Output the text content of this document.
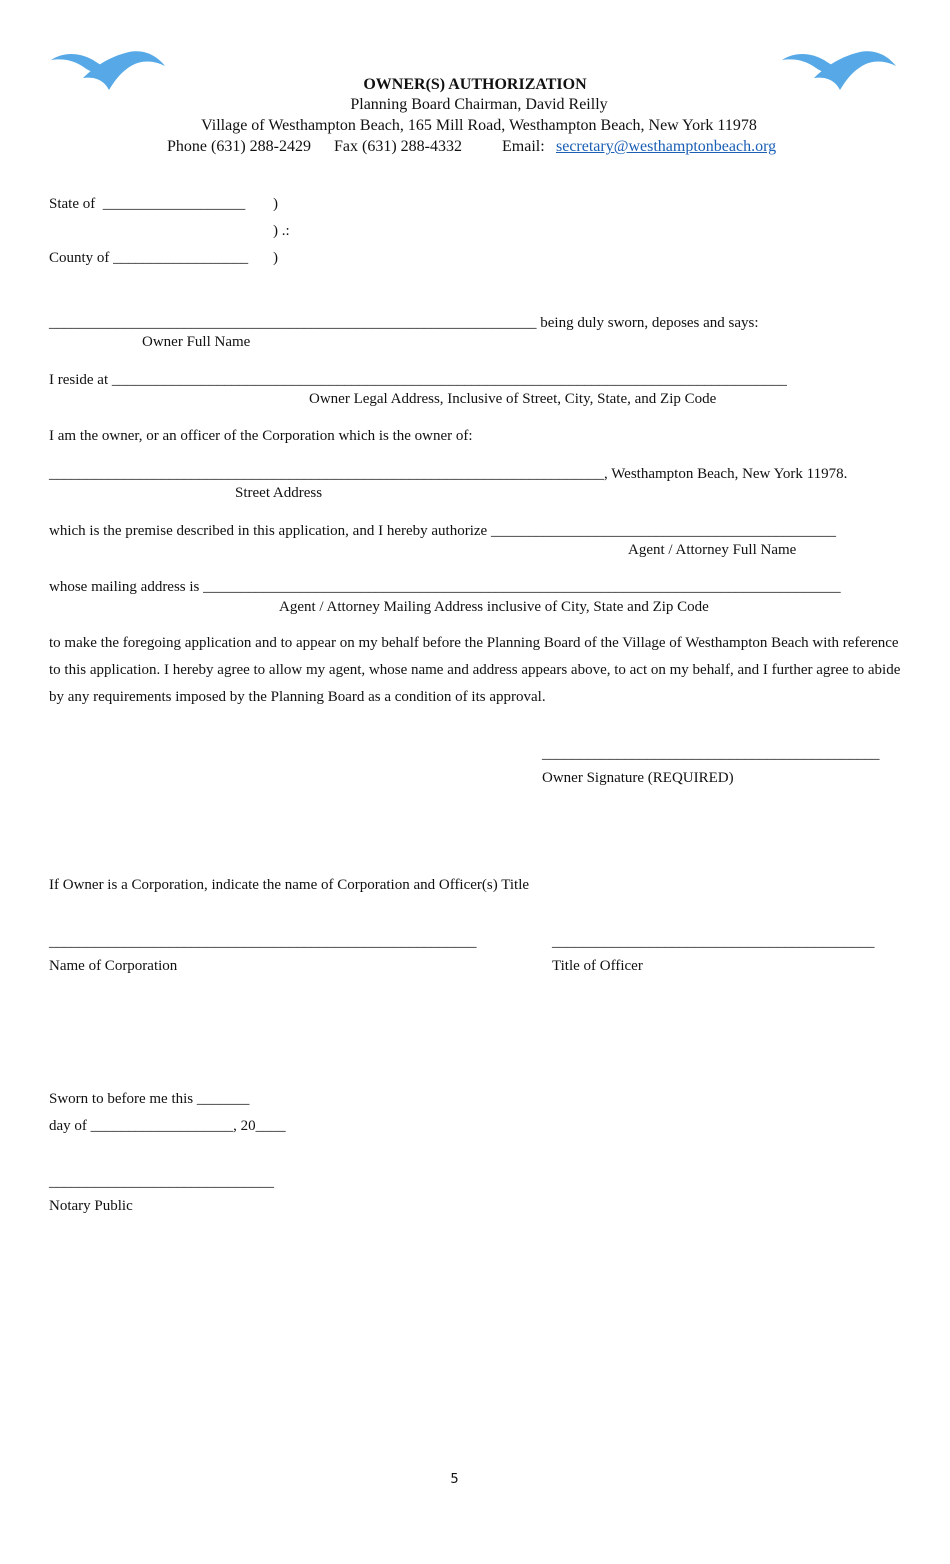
OWNER(S) AUTHORIZATION
Planning Board Chairman, David Reilly
Village of Westhampton Beach, 165 Mill Road, Westhampton Beach, New York 11978
Phone (631) 288-2429 Fax (631) 288-4332	Email: secretary@westhamptonbeach.org
State of  ___________________ )
) .:
County of __________________ )
_________________________________________________________________ being duly sworn, deposes and says:
Owner Full Name
I reside at __________________________________________________________________________________________
Owner Legal Address, Inclusive of Street, City, State, and Zip Code
I am the owner, or an officer of the Corporation which is the owner of:
__________________________________________________________________________, Westhampton Beach, New York 11978.
Street Address
which is the premise described in this application, and I hereby authorize ______________________________________________
Agent / Attorney Full Name
whose mailing address is _____________________________________________________________________________________
Agent / Attorney Mailing Address inclusive of City, State and Zip Code
to make the foregoing application and to appear on my behalf before the Planning Board of the Village of Westhampton Beach with reference to this application. I hereby agree to allow my agent, whose name and address appears above, to act on my behalf, and I further agree to abide by any requirements imposed by the Planning Board as a condition of its approval.
_____________________________________________
Owner Signature (REQUIRED)
If Owner is a Corporation, indicate the name of Corporation and Officer(s) Title
_________________________________________________________
Name of Corporation
___________________________________________
Title of Officer
Sworn to before me this _______
day of ___________________, 20____
______________________________
Notary Public
5
